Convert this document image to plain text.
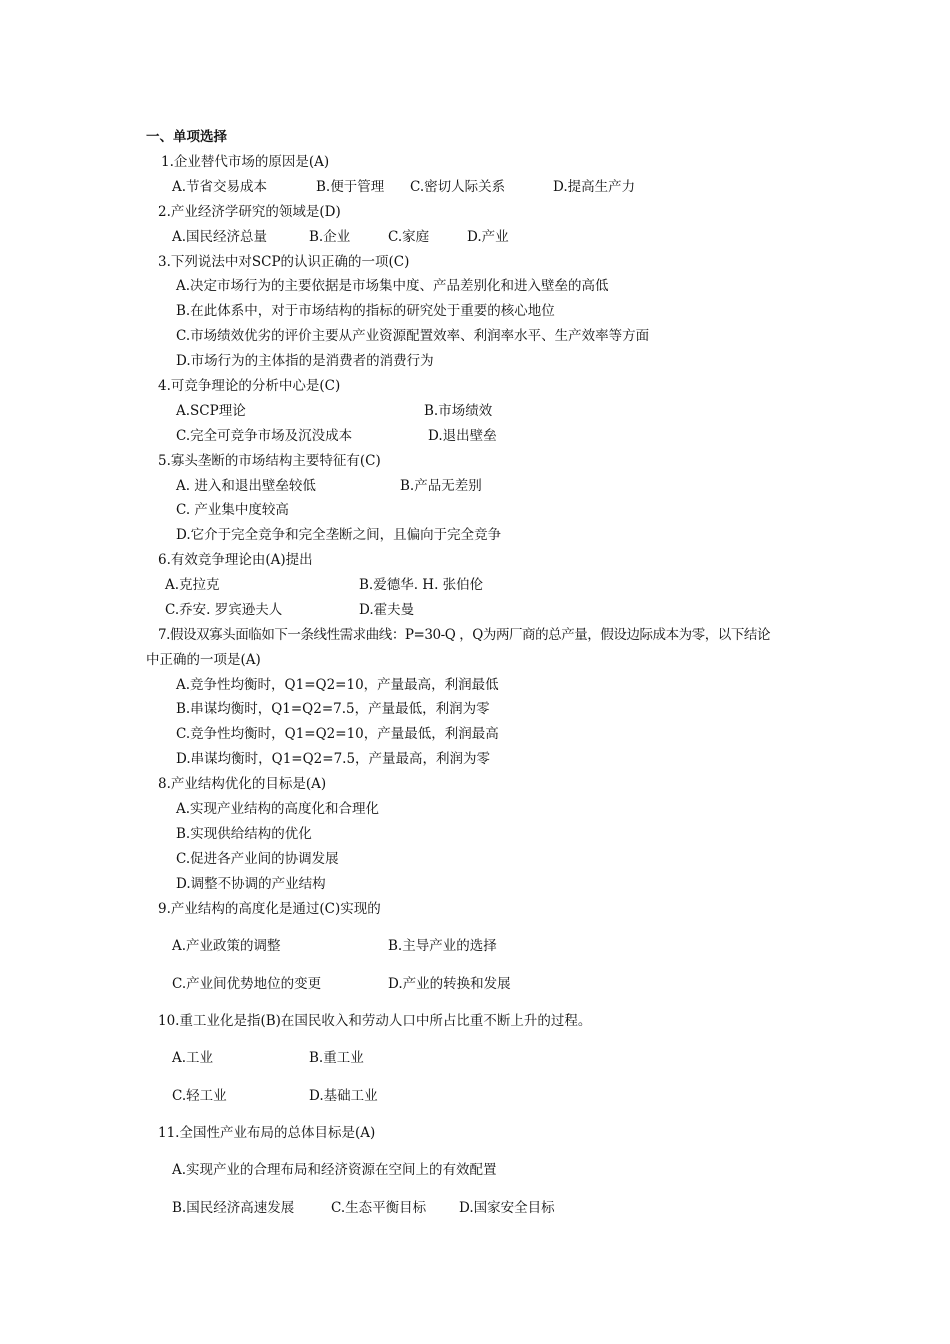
一、单项选择
1.企业替代市场的原因是(A)
A.节省交易成本	B.便于管理 C.密切人际关系	D.提高生产力
2.产业经济学研究的领域是(D)
A.国民经济总量	B.企业	C.家庭	D.产业
3.下列说法中对SCP的认识正确的一项(C)
A.决定市场行为的主要依据是市场集中度、产品差别化和进入壁垒的高低
B.在此体系中，对于市场结构的指标的研究处于重要的核心地位
C.市场绩效优劣的评价主要从产业资源配置效率、利润率水平、生产效率等方面
D.市场行为的主体指的是消费者的消费行为
4.可竞争理论的分析中心是(C)
A.SCP理论	B.市场绩效
C.完全可竞争市场及沉没成本	D.退出壁垒
5.寡头垄断的市场结构主要特征有(C)
A. 进入和退出壁垒较低	B.产品无差别
C. 产业集中度较高
D.它介于完全竞争和完全垄断之间，且偏向于完全竞争
6.有效竞争理论由(A)提出
A.克拉克	B.爱德华. H. 张伯伦
C.乔安. 罗宾逊夫人	D.霍夫曼
7.假设双寡头面临如下一条线性需求曲线：P=30-Q ，Q为两厂商的总产量，假设边际成本为零，以下结论
中正确的一项是(A)
A.竞争性均衡时，Q1=Q2=10，产量最高，利润最低
B.串谋均衡时，Q1=Q2=7.5，产量最低，利润为零
C.竞争性均衡时，Q1=Q2=10，产量最低，利润最高
D.串谋均衡时，Q1=Q2=7.5，产量最高，利润为零
8.产业结构优化的目标是(A)
A.实现产业结构的高度化和合理化
B.实现供给结构的优化
C.促进各产业间的协调发展
D.调整不协调的产业结构
9.产业结构的高度化是通过(C)实现的
A.产业政策的调整	B.主导产业的选择
C.产业间优势地位的变更	D.产业的转换和发展
10.重工业化是指(B)在国民收入和劳动人口中所占比重不断上升的过程。
A.工业	B.重工业
C.轻工业	D.基础工业
11.全国性产业布局的总体目标是(A)
A.实现产业的合理布局和经济资源在空间上的有效配置
B.国民经济高速发展	C.生态平衡目标 D.国家安全目标
